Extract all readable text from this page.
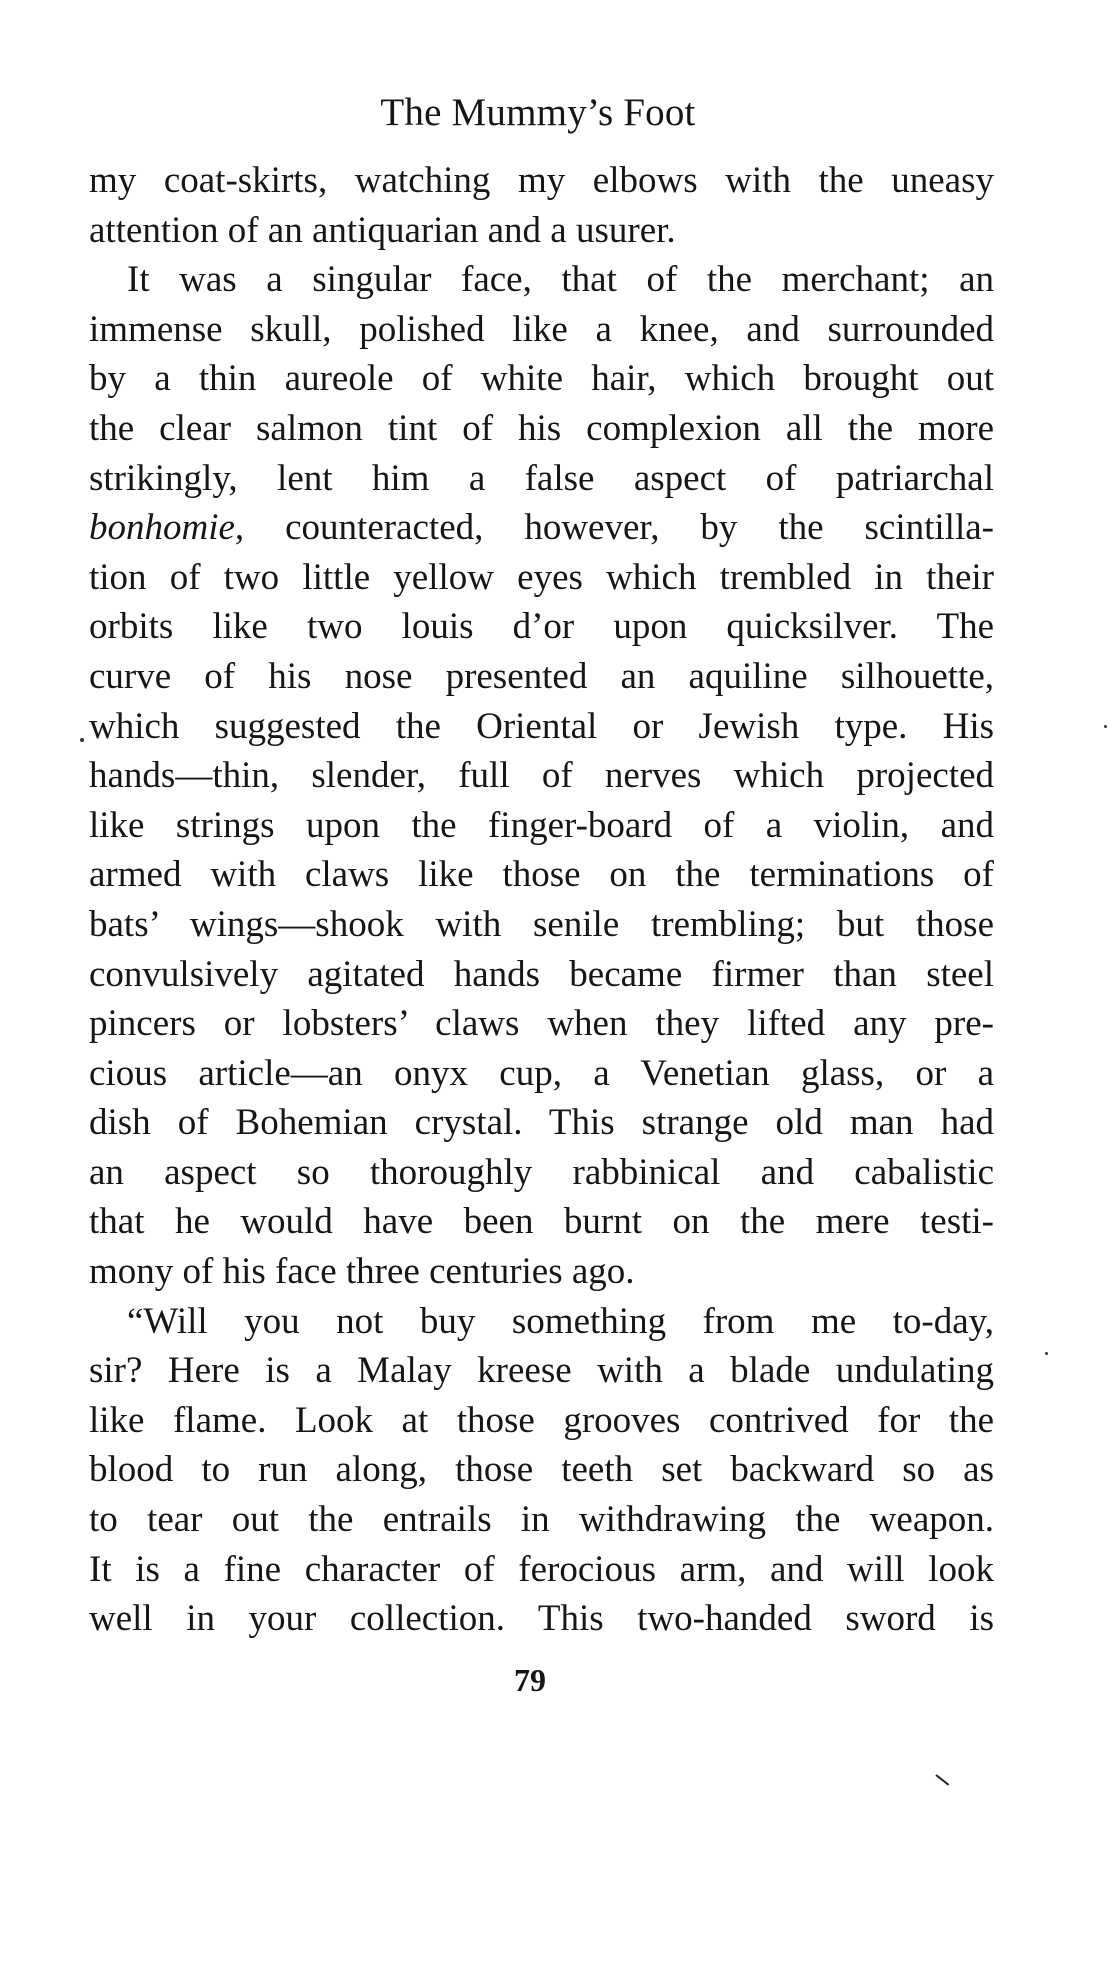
The Mummy’s Foot
my coat-skirts, watching my elbows with the uneasy
attention of an antiquarian and a usurer.
It was a singular face, that of the merchant; an
immense skull, polished like a knee, and surrounded
by a thin aureole of white hair, which brought out
the clear salmon tint of his complexion all the more
strikingly, lent him a false aspect of patriarchal
bonhomie, counteracted, however, by the scintilla-
tion of two little yellow eyes which trembled in their
orbits like two louis d’or upon quicksilver. The
curve of his nose presented an aquiline silhouette,
which suggested the Oriental or Jewish type. His
hands—thin, slender, full of nerves which projected
like strings upon the finger-board of a violin, and
armed with claws like those on the terminations of
bats’ wings—shook with senile trembling; but those
convulsively agitated hands became firmer than steel
pincers or lobsters’ claws when they lifted any pre-
cious article—an onyx cup, a Venetian glass, or a
dish of Bohemian crystal. This strange old man had
an aspect so thoroughly rabbinical and cabalistic
that he would have been burnt on the mere testi-
mony of his face three centuries ago.
“Will you not buy something from me to-day,
sir? Here is a Malay kreese with a blade undulating
like flame. Look at those grooves contrived for the
blood to run along, those teeth set backward so as
to tear out the entrails in withdrawing the weapon.
It is a fine character of ferocious arm, and will look
well in your collection. This two-handed sword is
79
